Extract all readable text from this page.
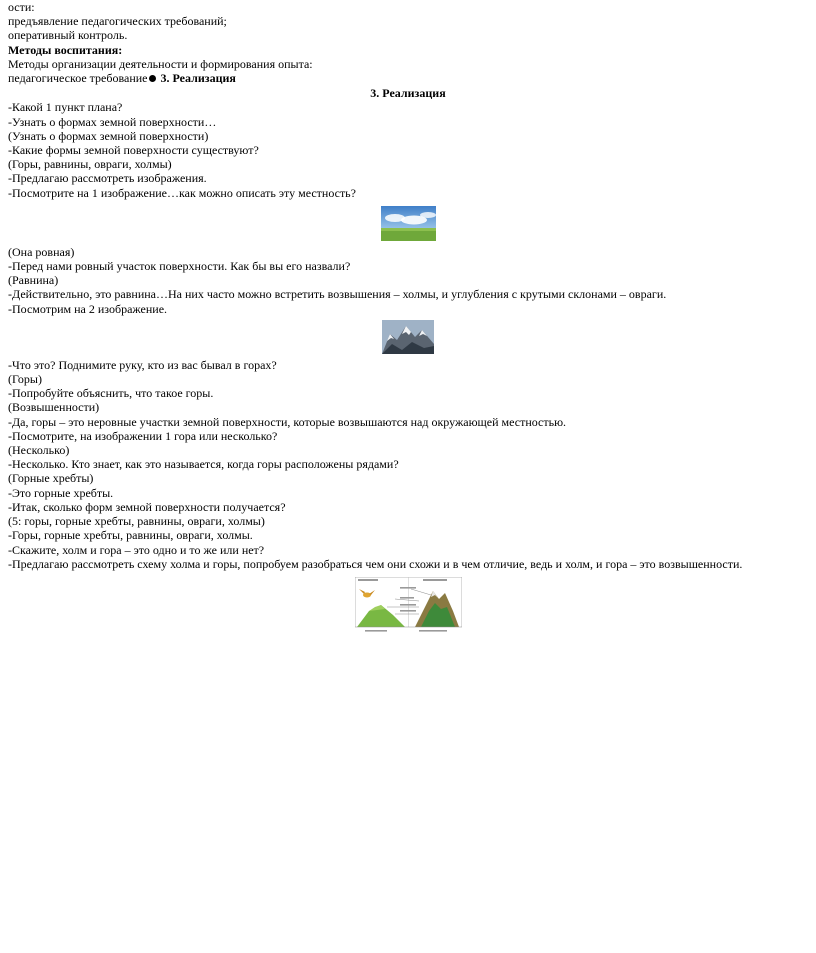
ости:

предъявление педагогических требований;

оперативный контроль.

Методы воспитания:

Методы организации деятельности и формирования опыта:

педагогическое требование 3. Реализация

3. Реализация

-Какой 1 пункт плана?

-Узнать о формах земной поверхности…

(Узнать о формах земной поверхности)

-Какие формы земной поверхности существуют?

(Горы, равнины, овраги, холмы)

-Предлагаю рассмотреть изображения.

-Посмотрите на 1 изображение…как можно описать эту местность?

(Она ровная)

-Перед нами ровный участок поверхности. Как бы вы его назвали?

(Равнина)

-Действительно, это равнина…На них часто можно встретить возвышения – холмы, и углубления с крутыми склонами – овраги.

-Посмотрим на 2 изображение.

-Что это? Поднимите руку, кто из вас бывал в горах?

(Горы)

-Попробуйте объяснить, что такое горы.

(Возвышенности)

-Да, горы – это неровные участки земной поверхности, которые возвышаются над окружающей местностью.

-Посмотрите, на изображении 1 гора или несколько?

(Несколько)

-Несколько. Кто знает, как это называется, когда горы расположены рядами?

(Горные хребты)

-Это горные хребты.

-Итак, сколько форм земной поверхности получается?

(5: горы, горные хребты, равнины, овраги, холмы)

-Горы, горные хребты, равнины, овраги, холмы.

-Скажите, холм и гора – это одно и то же или нет?

-Предлагаю рассмотреть схему холма и горы, попробуем разобраться чем они схожи и в чем отличие, ведь и холм, и гора – это возвышенности.
